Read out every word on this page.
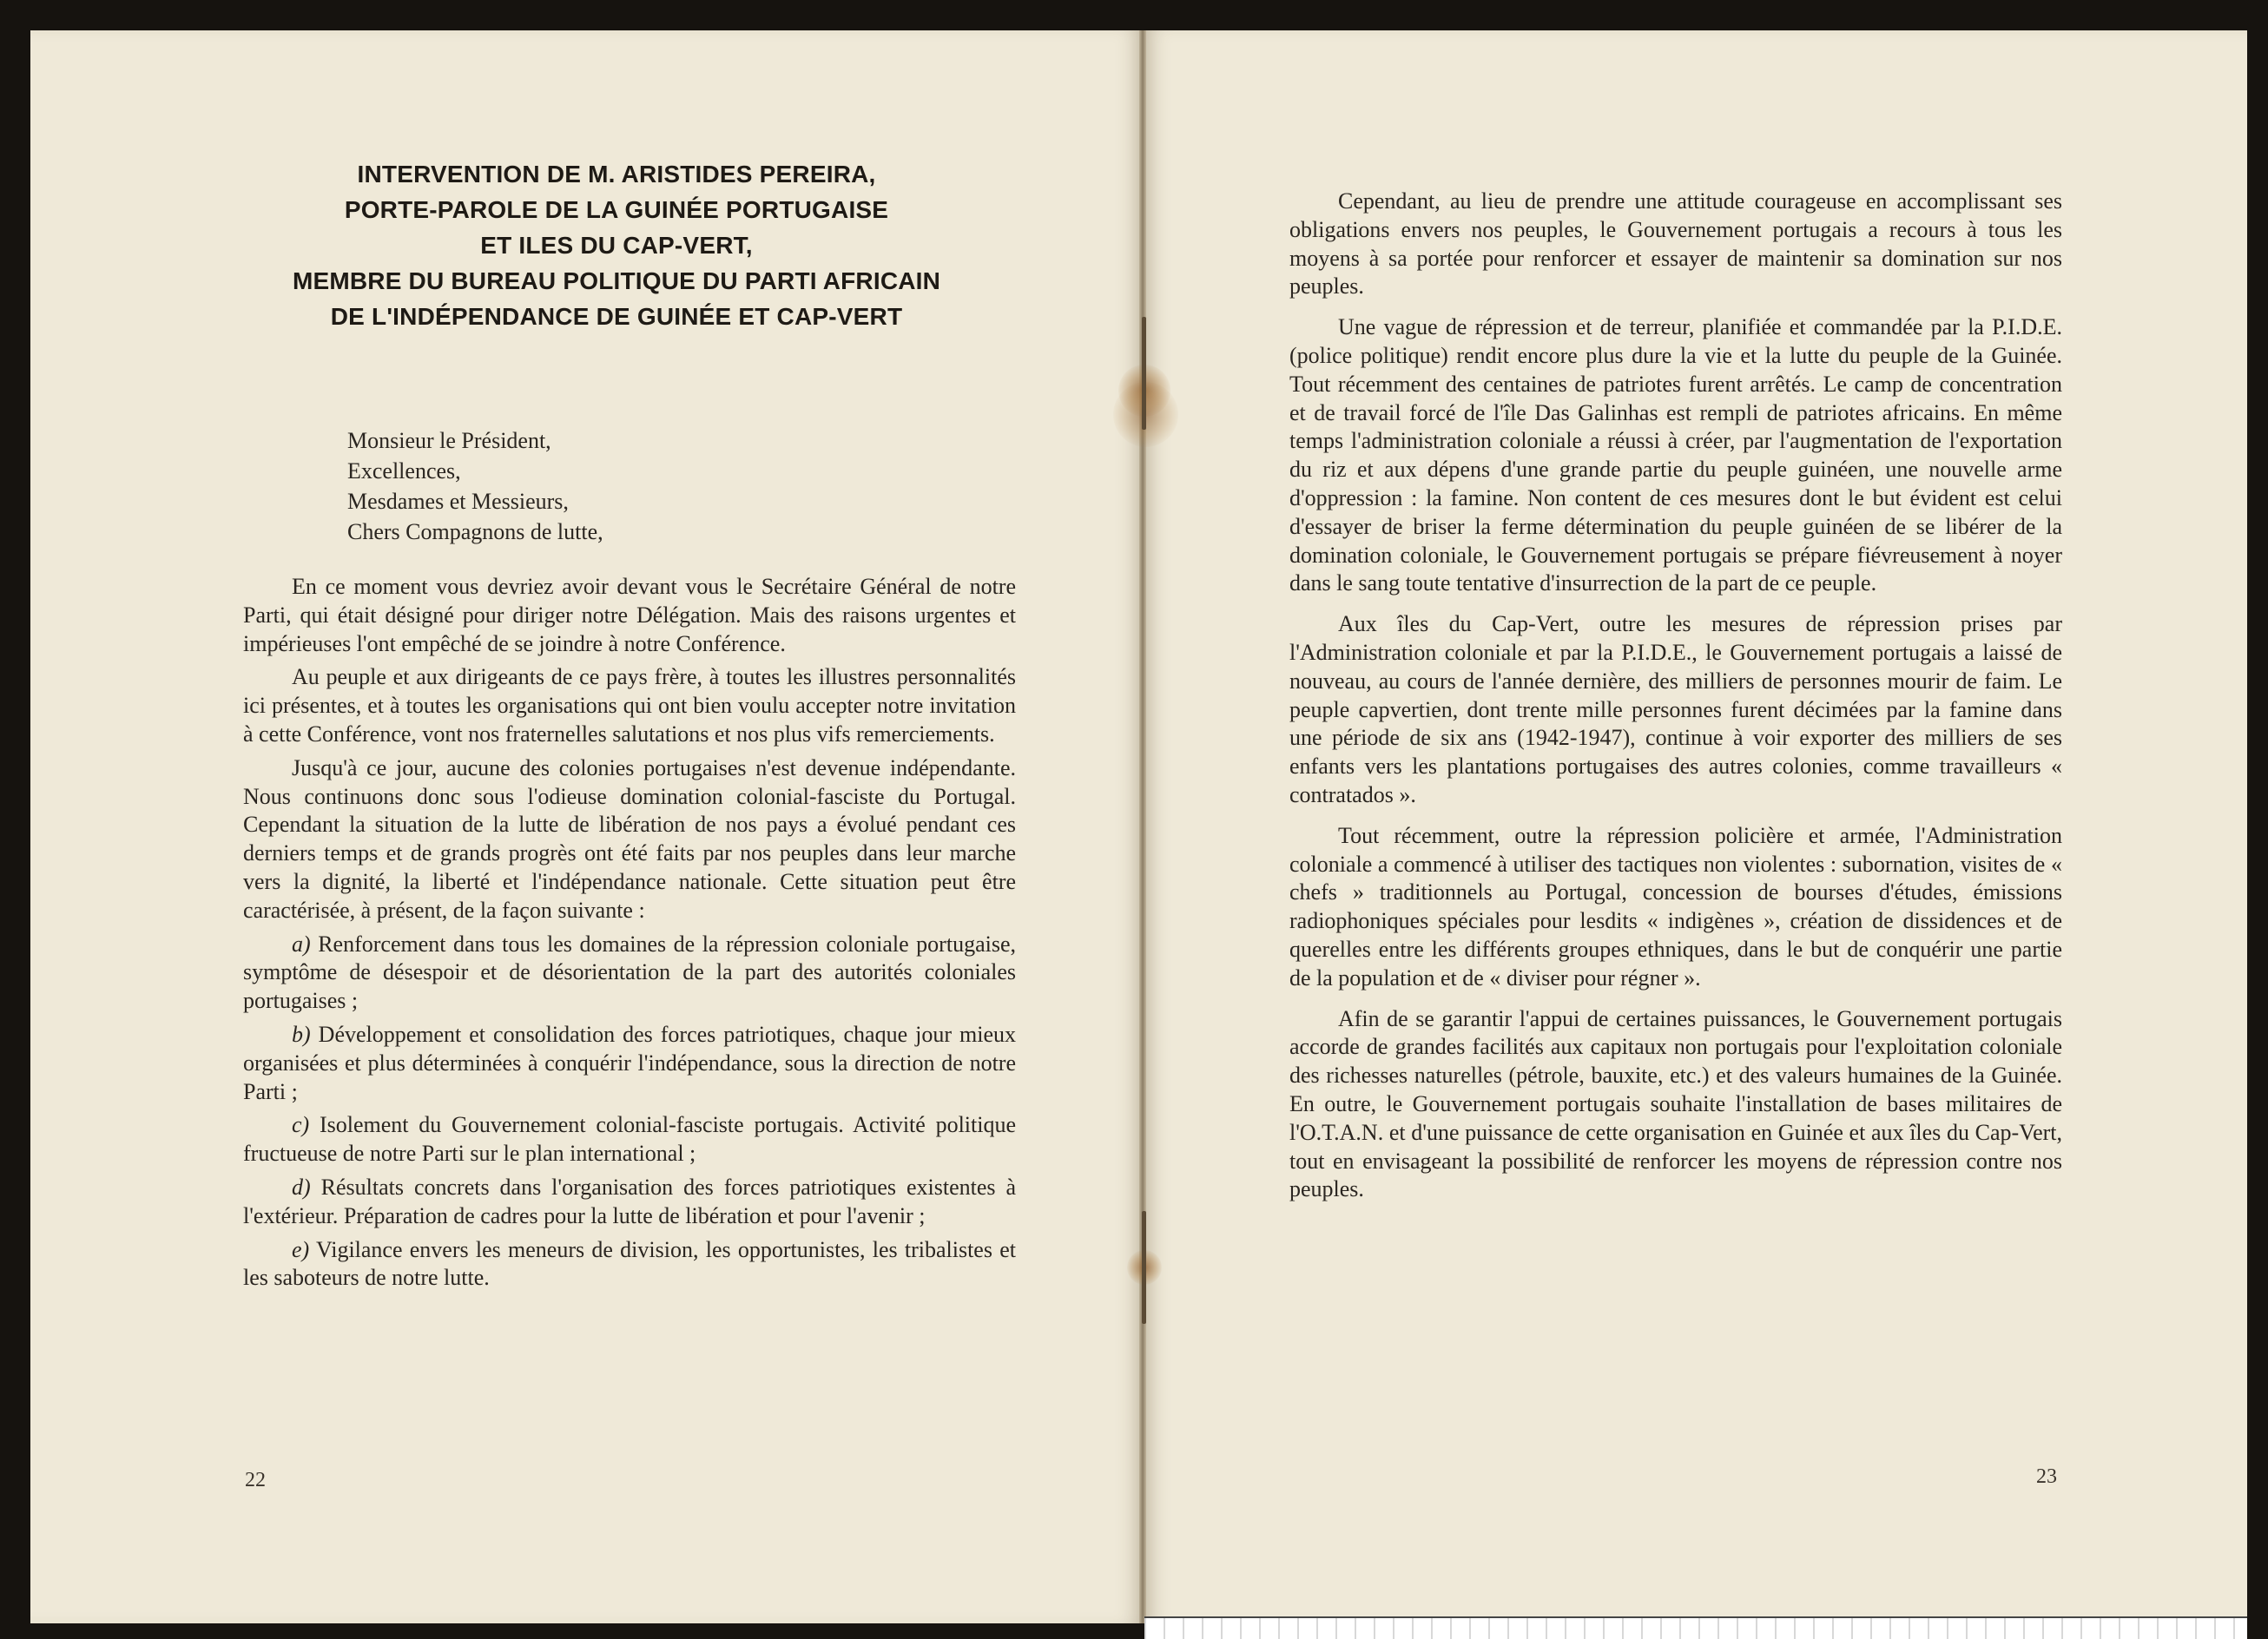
INTERVENTION DE M. ARISTIDES PEREIRA,
PORTE-PAROLE DE LA GUINÉE PORTUGAISE
ET ILES DU CAP-VERT,
MEMBRE DU BUREAU POLITIQUE DU PARTI AFRICAIN
DE L'INDÉPENDANCE DE GUINÉE ET CAP-VERT
Monsieur le Président,
Excellences,
Mesdames et Messieurs,
Chers Compagnons de lutte,

En ce moment vous devriez avoir devant vous le Secrétaire Général de notre Parti, qui était désigné pour diriger notre Délégation. Mais des raisons urgentes et impérieuses l'ont empêché de se joindre à notre Conférence.

Au peuple et aux dirigeants de ce pays frère, à toutes les illustres personnalités ici présentes, et à toutes les organisations qui ont bien voulu accepter notre invitation à cette Conférence, vont nos fraternelles salutations et nos plus vifs remerciements.

Jusqu'à ce jour, aucune des colonies portugaises n'est devenue indépendante. Nous continuons donc sous l'odieuse domination colonial-fasciste du Portugal. Cependant la situation de la lutte de libération de nos pays a évolué pendant ces derniers temps et de grands progrès ont été faits par nos peuples dans leur marche vers la dignité, la liberté et l'indépendance nationale. Cette situation peut être caractérisée, à présent, de la façon suivante :

a) Renforcement dans tous les domaines de la répression coloniale portugaise, symptôme de désespoir et de désorientation de la part des autorités coloniales portugaises ;

b) Développement et consolidation des forces patriotiques, chaque jour mieux organisées et plus déterminées à conquérir l'indépendance, sous la direction de notre Parti ;

c) Isolement du Gouvernement colonial-fasciste portugais. Activité politique fructueuse de notre Parti sur le plan international ;

d) Résultats concrets dans l'organisation des forces patriotiques existentes à l'extérieur. Préparation de cadres pour la lutte de libération et pour l'avenir ;

e) Vigilance envers les meneurs de division, les opportunistes, les tribalistes et les saboteurs de notre lutte.

22

Cependant, au lieu de prendre une attitude courageuse en accomplissant ses obligations envers nos peuples, le Gouvernement portugais a recours à tous les moyens à sa portée pour renforcer et essayer de maintenir sa domination sur nos peuples.

Une vague de répression et de terreur, planifiée et commandée par la P.I.D.E. (police politique) rendit encore plus dure la vie et la lutte du peuple de la Guinée. Tout récemment des centaines de patriotes furent arrêtés. Le camp de concentration et de travail forcé de l'île Das Galinhas est rempli de patriotes africains. En même temps l'administration coloniale a réussi à créer, par l'augmentation de l'exportation du riz et aux dépens d'une grande partie du peuple guinéen, une nouvelle arme d'oppression : la famine. Non content de ces mesures dont le but évident est celui d'essayer de briser la ferme détermination du peuple guinéen de se libérer de la domination coloniale, le Gouvernement portugais se prépare fiévreusement à noyer dans le sang toute tentative d'insurrection de la part de ce peuple.

Aux îles du Cap-Vert, outre les mesures de répression prises par l'Administration coloniale et par la P.I.D.E., le Gouvernement portugais a laissé de nouveau, au cours de l'année dernière, des milliers de personnes mourir de faim. Le peuple capvertien, dont trente mille personnes furent décimées par la famine dans une période de six ans (1942-1947), continue à voir exporter des milliers de ses enfants vers les plantations portugaises des autres colonies, comme travailleurs « contratados ».

Tout récemment, outre la répression policière et armée, l'Administration coloniale a commencé à utiliser des tactiques non violentes : subornation, visites de « chefs » traditionnels au Portugal, concession de bourses d'études, émissions radiophoniques spéciales pour lesdits « indigènes », création de dissidences et de querelles entre les différents groupes ethniques, dans le but de conquérir une partie de la population et de « diviser pour régner ».

Afin de se garantir l'appui de certaines puissances, le Gouvernement portugais accorde de grandes facilités aux capitaux non portugais pour l'exploitation coloniale des richesses naturelles (pétrole, bauxite, etc.) et des valeurs humaines de la Guinée. En outre, le Gouvernement portugais souhaite l'installation de bases militaires de l'O.T.A.N. et d'une puissance de cette organisation en Guinée et aux îles du Cap-Vert, tout en envisageant la possibilité de renforcer les moyens de répression contre nos peuples.

23
